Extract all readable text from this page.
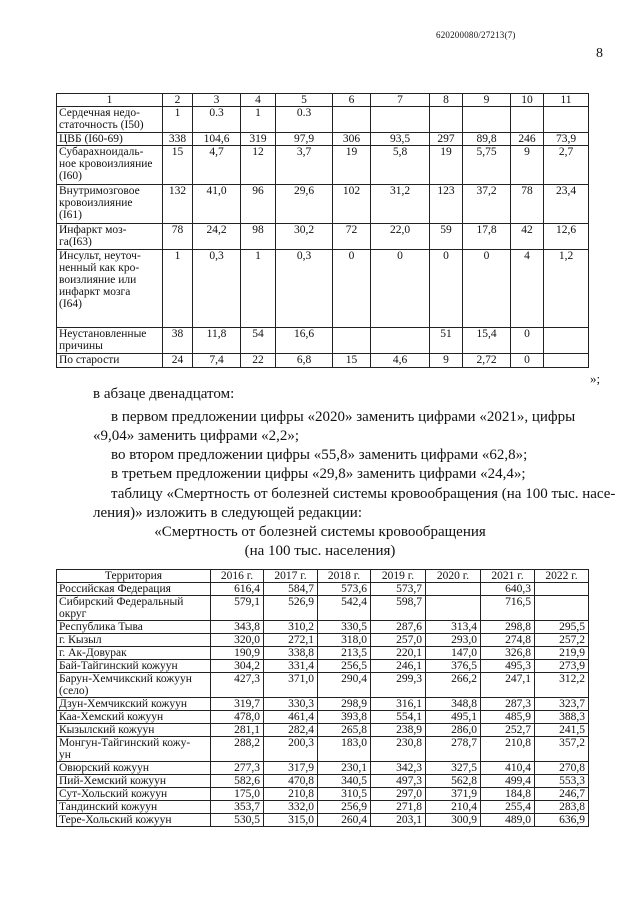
620200080/27213(7)
8
1	2	3	4	5	6	7	8	9	10	11
Сердечная недо-
статочность (I50)	1	0.3	1	0.3						
ЦВБ (I60-69)	338	104,6	319	97,9	306	93,5	297	89,8	246	73,9
Субарахноидаль-
ное кровоизлияние
(I60)	15	4,7	12	3,7	19	5,8	19	5,75	9	2,7
Внутримозговое
кровоизлияние
(I61)	132	41,0	96	29,6	102	31,2	123	37,2	78	23,4
Инфаркт моз-
га(I63)	78	24,2	98	30,2	72	22,0	59	17,8	42	12,6
Инсульт, неуточ-
ненный как кро-
воизлияние или
инфаркт мозга
(I64)	1	0,3	1	0,3	0	0	0	0	4	1,2
Неустановленные
причины	38	11,8	54	16,6			51	15,4	0	
По старости	24	7,4	22	6,8	15	4,6	9	2,72	0	
»;
в абзаце двенадцатом:
в первом предложении цифры «2020» заменить цифрами «2021», цифры
«9,04» заменить цифрами «2,2»;
во втором предложении цифры «55,8» заменить цифрами «62,8»;
в третьем предложении цифры «29,8» заменить цифрами «24,4»;
таблицу «Смертность от болезней системы кровообращения (на 100 тыс. насе-
ления)» изложить в следующей редакции:
«Смертность от болезней системы кровообращения
(на 100 тыс. населения)
Территория	2016 г.	2017 г.	2018 г.	2019 г.	2020 г.	2021 г.	2022 г.
Российская Федерация	616,4	584,7	573,6	573,7		640,3	
Сибирский Федеральный
округ	579,1	526,9	542,4	598,7		716,5	
Республика Тыва	343,8	310,2	330,5	287,6	313,4	298,8	295,5
г. Кызыл	320,0	272,1	318,0	257,0	293,0	274,8	257,2
г. Ак-Довурак	190,9	338,8	213,5	220,1	147,0	326,8	219,9
Бай-Тайгинский кожуун	304,2	331,4	256,5	246,1	376,5	495,3	273,9
Барун-Хемчикский кожуун
(село)	427,3	371,0	290,4	299,3	266,2	247,1	312,2
Дзун-Хемчикский кожуун	319,7	330,3	298,9	316,1	348,8	287,3	323,7
Каа-Хемский кожуун	478,0	461,4	393,8	554,1	495,1	485,9	388,3
Кызылский кожуун	281,1	282,4	265,8	238,9	286,0	252,7	241,5
Монгун-Тайгинский кожу-
ун	288,2	200,3	183,0	230,8	278,7	210,8	357,2
Овюрский кожуун	277,3	317,9	230,1	342,3	327,5	410,4	270,8
Пий-Хемский кожуун	582,6	470,8	340,5	497,3	562,8	499,4	553,3
Сут-Хольский кожуун	175,0	210,8	310,5	297,0	371,9	184,8	246,7
Тандинский кожуун	353,7	332,0	256,9	271,8	210,4	255,4	283,8
Тере-Хольский кожуун	530,5	315,0	260,4	203,1	300,9	489,0	636,9
